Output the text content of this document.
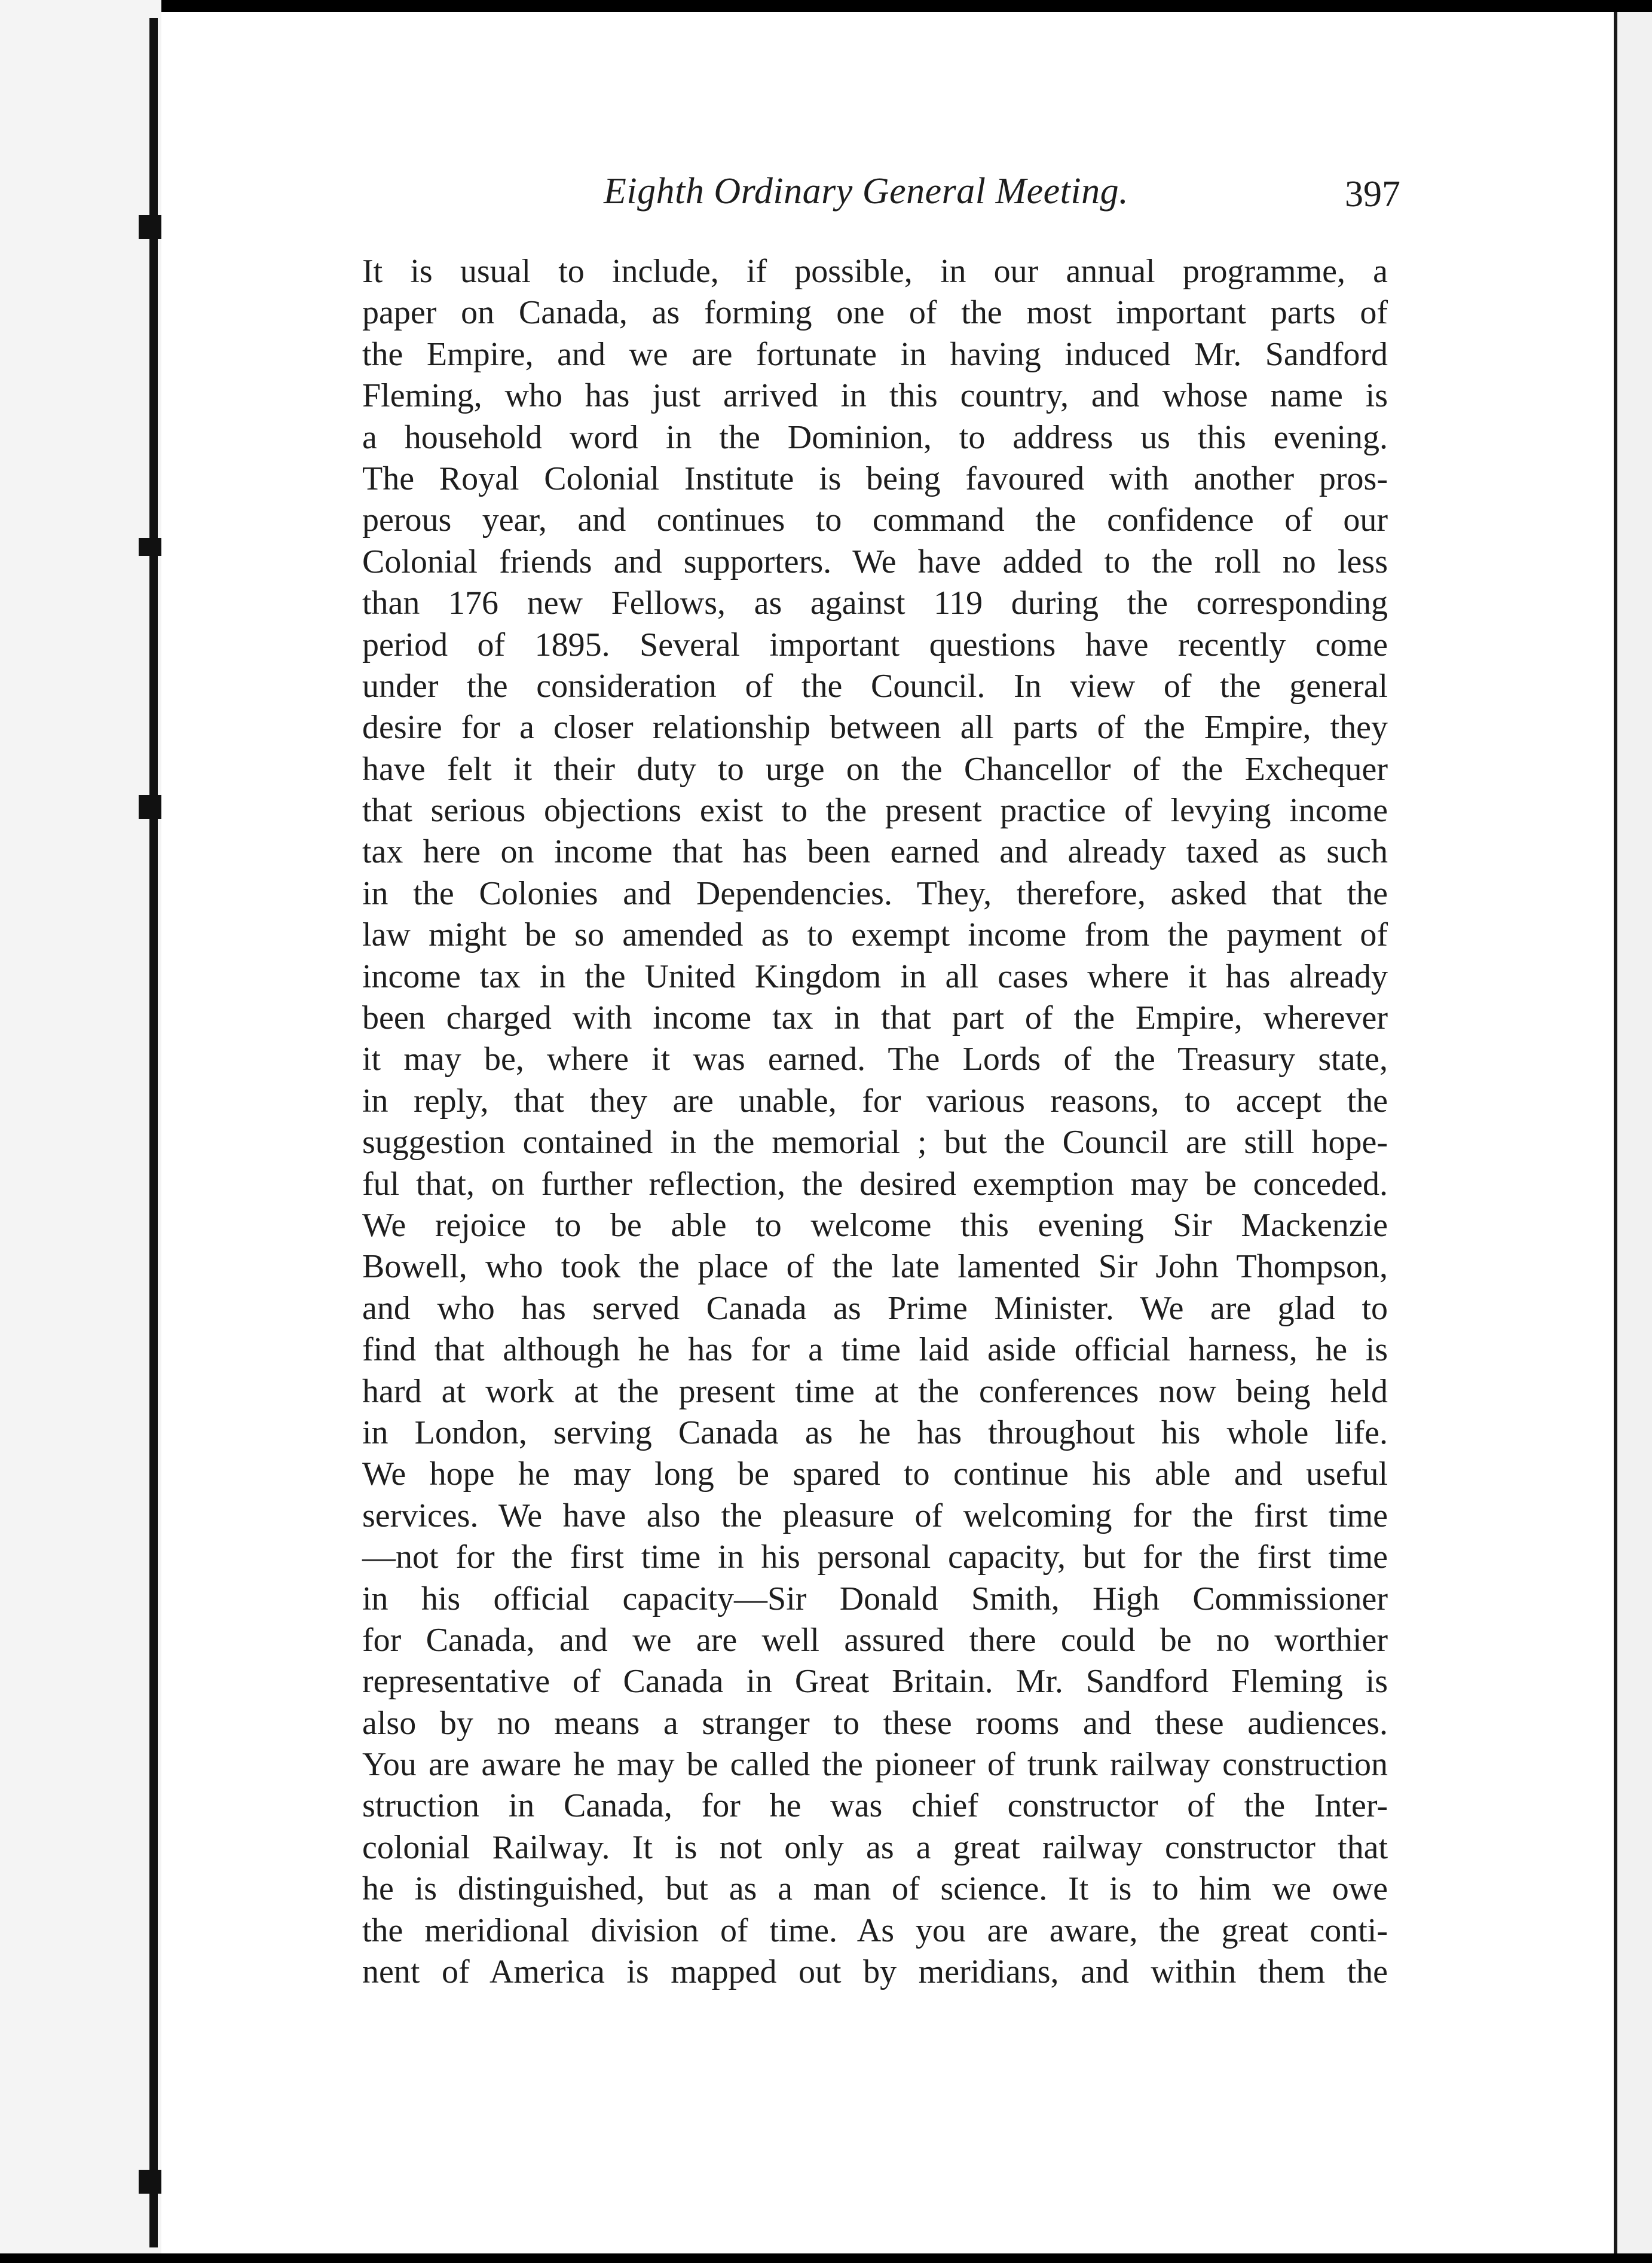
Eighth Ordinary General Meeting.	397
It is usual to include, if possible, in our annual programme, a
paper on Canada, as forming one of the most important parts of
the Empire, and we are fortunate in having induced Mr. Sandford
Fleming, who has just arrived in this country, and whose name is
a household word in the Dominion, to address us this evening.
The Royal Colonial Institute is being favoured with another pros-
perous year, and continues to command the confidence of our
Colonial friends and supporters. We have added to the roll no less
than 176 new Fellows, as against 119 during the corresponding
period of 1895. Several important questions have recently come
under the consideration of the Council. In view of the general
desire for a closer relationship between all parts of the Empire, they
have felt it their duty to urge on the Chancellor of the Exchequer
that serious objections exist to the present practice of levying income
tax here on income that has been earned and already taxed as such
in the Colonies and Dependencies. They, therefore, asked that the
law might be so amended as to exempt income from the payment of
income tax in the United Kingdom in all cases where it has already
been charged with income tax in that part of the Empire, wherever
it may be, where it was earned. The Lords of the Treasury state,
in reply, that they are unable, for various reasons, to accept the
suggestion contained in the memorial ; but the Council are still hope-
ful that, on further reflection, the desired exemption may be conceded.
We rejoice to be able to welcome this evening Sir Mackenzie
Bowell, who took the place of the late lamented Sir John Thompson,
and who has served Canada as Prime Minister. We are glad to
find that although he has for a time laid aside official harness, he is
hard at work at the present time at the conferences now being held
in London, serving Canada as he has throughout his whole life.
We hope he may long be spared to continue his able and useful
services. We have also the pleasure of welcoming for the first time
—not for the first time in his personal capacity, but for the first time
in his official capacity—Sir Donald Smith, High Commissioner
for Canada, and we are well assured there could be no worthier
representative of Canada in Great Britain. Mr. Sandford Fleming is
also by no means a stranger to these rooms and these audiences.
You are aware he may be called the pioneer of trunk railway construction
struction in Canada, for he was chief constructor of the Inter-
colonial Railway. It is not only as a great railway constructor that
he is distinguished, but as a man of science. It is to him we owe
the meridional division of time. As you are aware, the great conti-
nent of America is mapped out by meridians, and within them the
